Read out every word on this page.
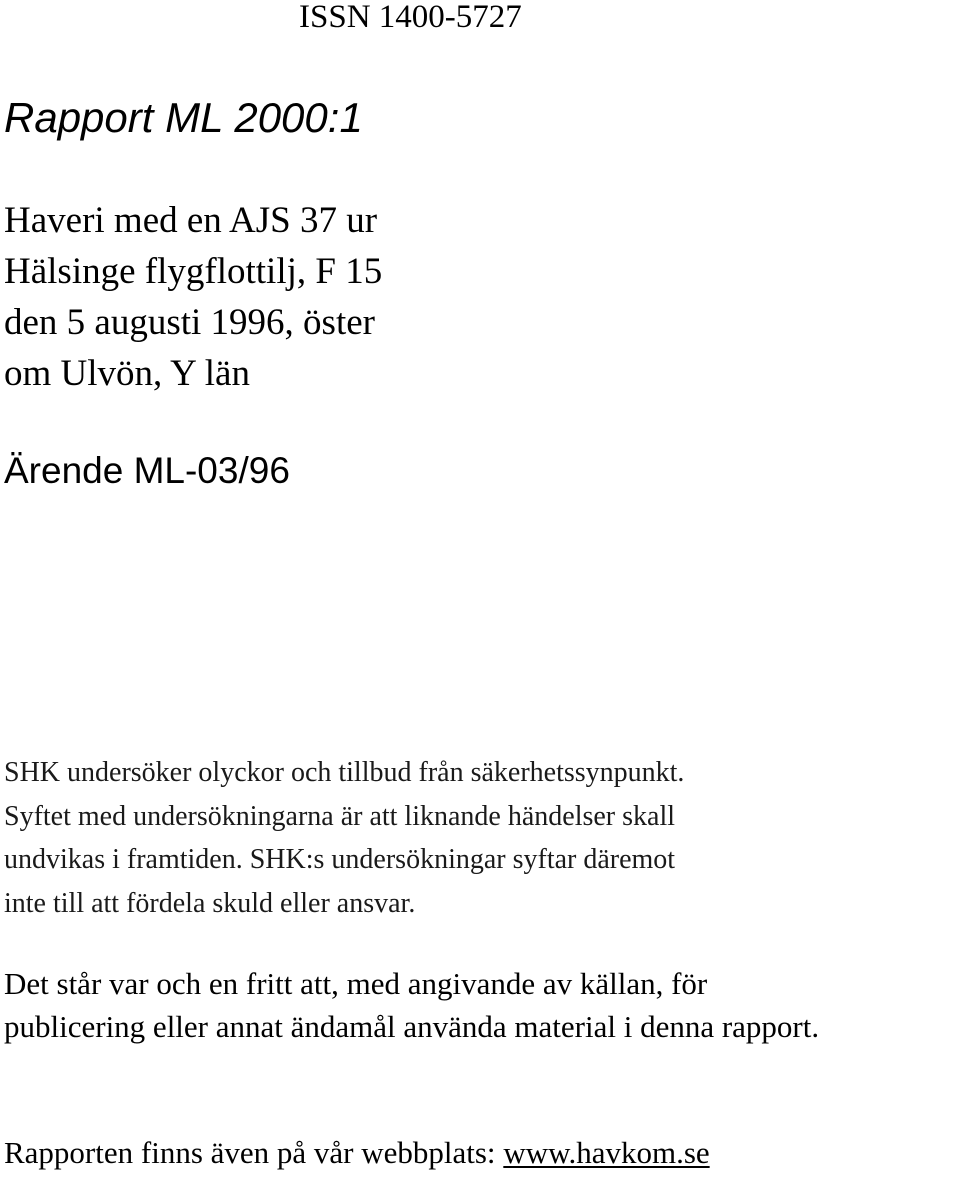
ISSN 1400-5727
Rapport ML 2000:1
Haveri med en AJS 37 ur
Hälsinge flygflottilj, F 15
den 5 augusti 1996, öster
om Ulvön, Y län
Ärende ML-03/96
SHK undersöker olyckor och tillbud från säkerhetssynpunkt.
Syftet med undersökningarna är att liknande händelser skall
undvikas i framtiden. SHK:s undersökningar syftar däremot
inte till att fördela skuld eller ansvar.
Det står var och en fritt att, med angivande av källan, för
publicering eller annat ändamål använda material i denna rapport.
Rapporten finns även på vår webbplats: www.havkom.se
